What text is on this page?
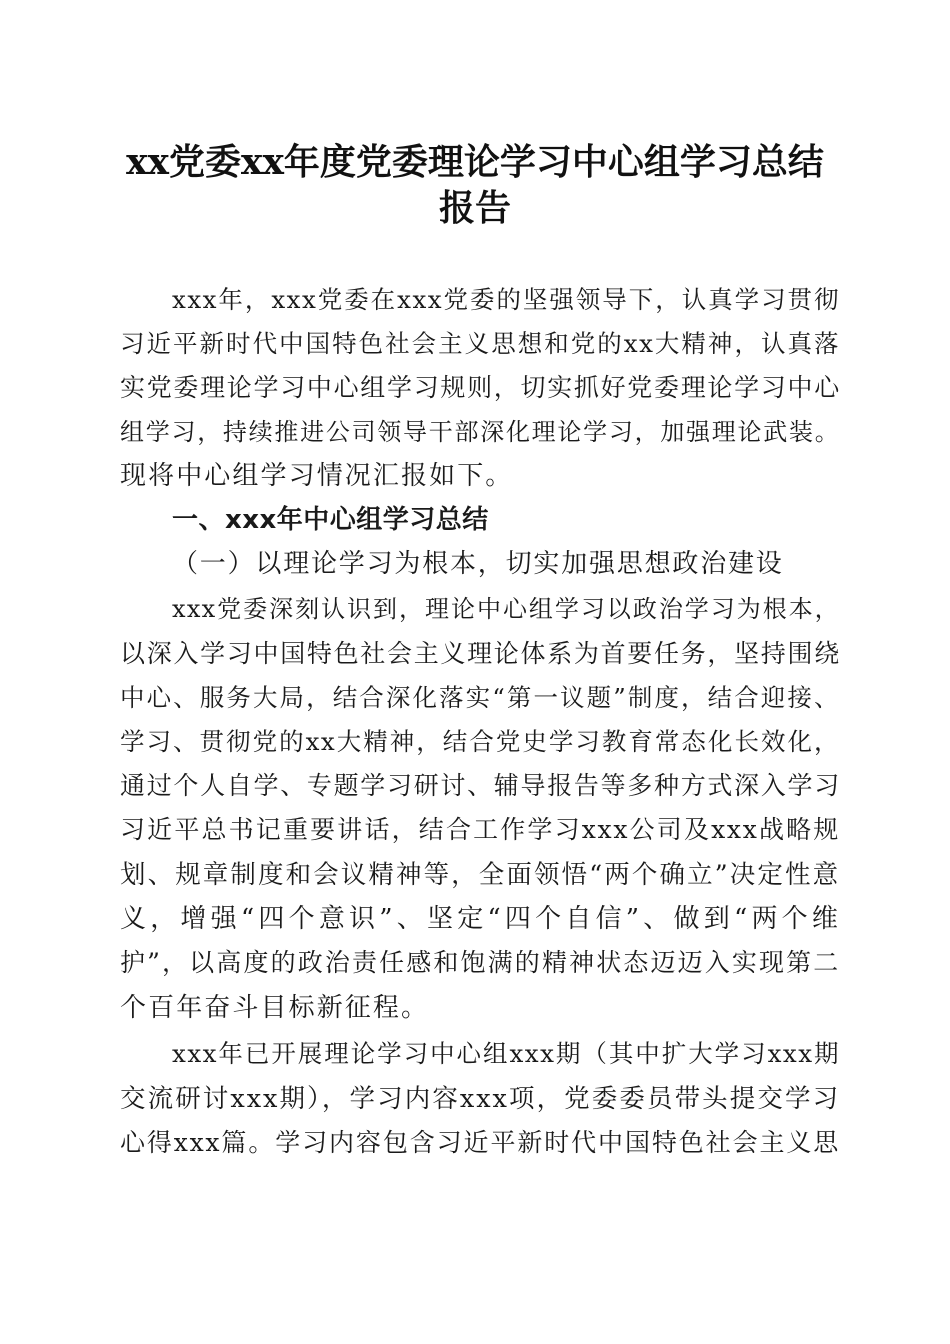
xx党委xx年度党委理论学习中心组学习总结
报告

xxx年，xxx党委在xxx党委的坚强领导下，认真学习贯彻

习近平新时代中国特色社会主义思想和党的xx大精神，认真落

实党委理论学习中心组学习规则，切实抓好党委理论学习中心

组学习，持续推进公司领导干部深化理论学习，加强理论武装。

现将中心组学习情况汇报如下。

一、xxx年中心组学习总结

（一）以理论学习为根本，切实加强思想政治建设

xxx党委深刻认识到，理论中心组学习以政治学习为根本，

以深入学习中国特色社会主义理论体系为首要任务，坚持围绕

中心、服务大局，结合深化落实“第一议题”制度，结合迎接、

学习、贯彻党的xx大精神，结合党史学习教育常态化长效化，

通过个人自学、专题学习研讨、辅导报告等多种方式深入学习

习近平总书记重要讲话，结合工作学习xxx公司及xxx战略规

划、规章制度和会议精神等，全面领悟“两个确立”决定性意

义，增强“四个意识”、坚定“四个自信”、做到“两个维

护”，以高度的政治责任感和饱满的精神状态迈迈入实现第二

个百年奋斗目标新征程。

xxx年已开展理论学习中心组xxx期（其中扩大学习xxx期

交流研讨xxx期），学习内容xxx项，党委委员带头提交学习

心得xxx篇。学习内容包含习近平新时代中国特色社会主义思
